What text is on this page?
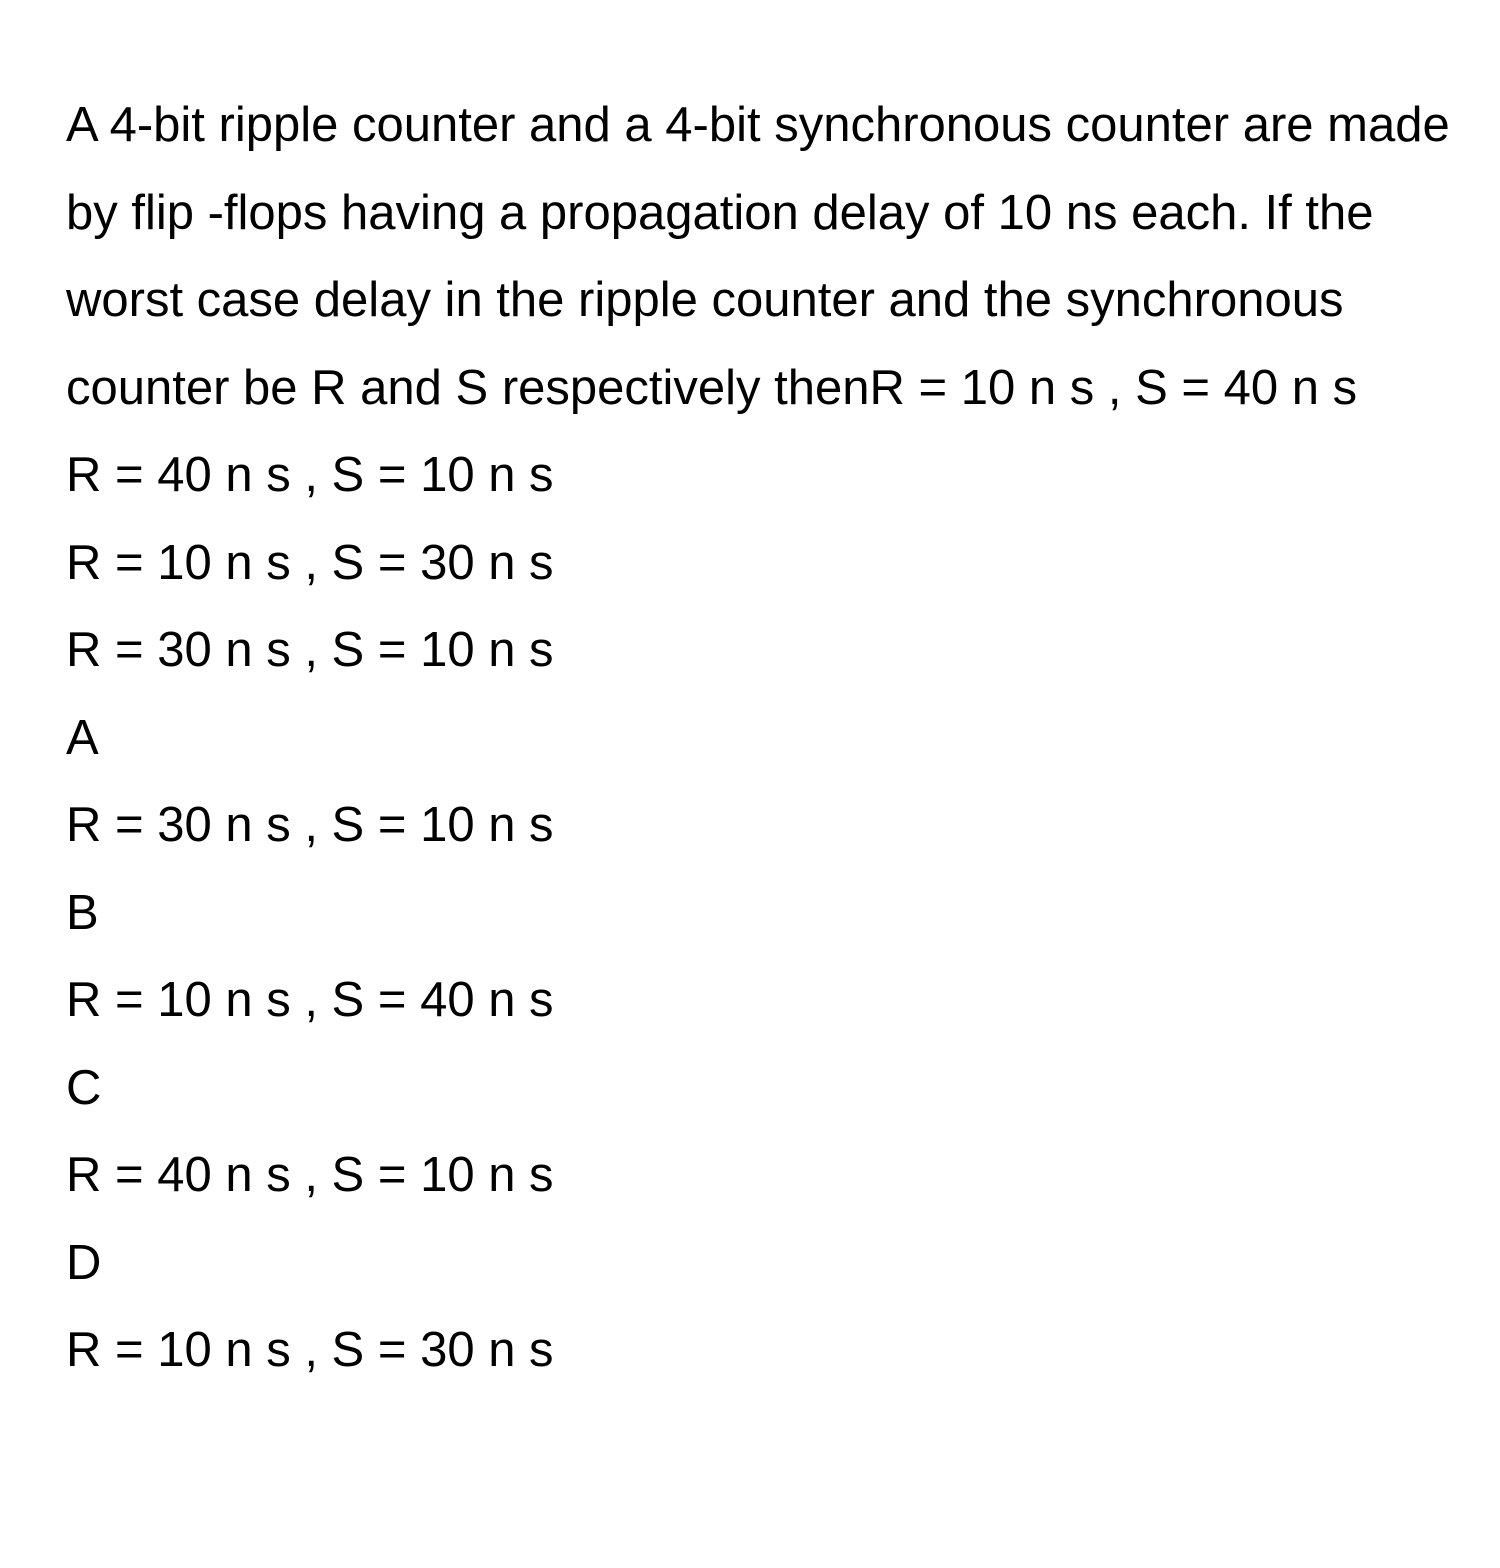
A 4-bit ripple counter and a 4-bit synchronous counter are made by flip -flops having a propagation delay of 10 ns each. If the worst case delay in the ripple counter and the synchronous counter be R and S respectively thenR = 10 n s , S = 40 n s

R = 40 n s , S = 10 n s
R = 10 n s , S = 30 n s
R = 30 n s , S = 10 n s
A
R = 30 n s , S = 10 n s
B
R = 10 n s , S = 40 n s
C
R = 40 n s , S = 10 n s
D
R = 10 n s , S = 30 n s
